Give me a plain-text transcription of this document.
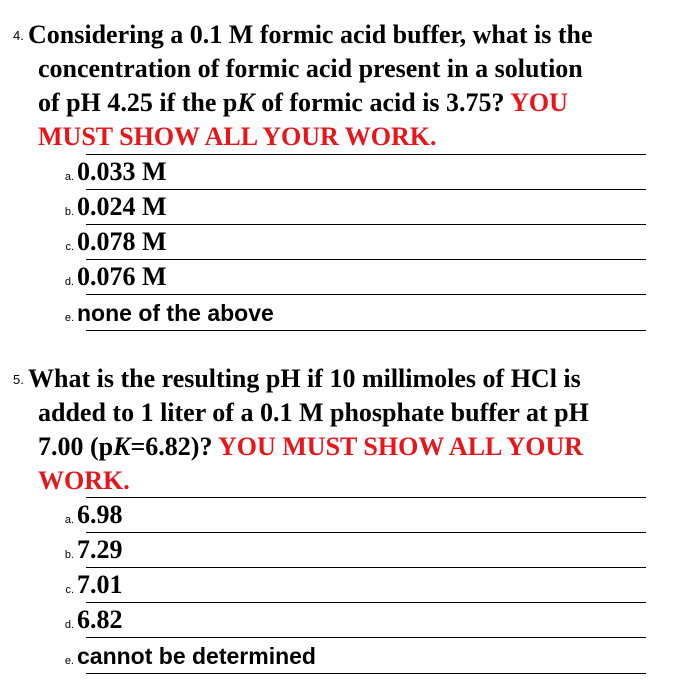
4. Considering a 0.1 M formic acid buffer, what is the
concentration of formic acid present in a solution
of pH 4.25 if the pK of formic acid is 3.75? YOU
MUST SHOW ALL YOUR WORK.
a. 0.033 M
b. 0.024 M
c. 0.078 M
d. 0.076 M
e. none of the above
5. What is the resulting pH if 10 millimoles of HCl is
added to 1 liter of a 0.1 M phosphate buffer at pH
7.00 (pK=6.82)? YOU MUST SHOW ALL YOUR
WORK.
a. 6.98
b. 7.29
c. 7.01
d. 6.82
e. cannot be determined
